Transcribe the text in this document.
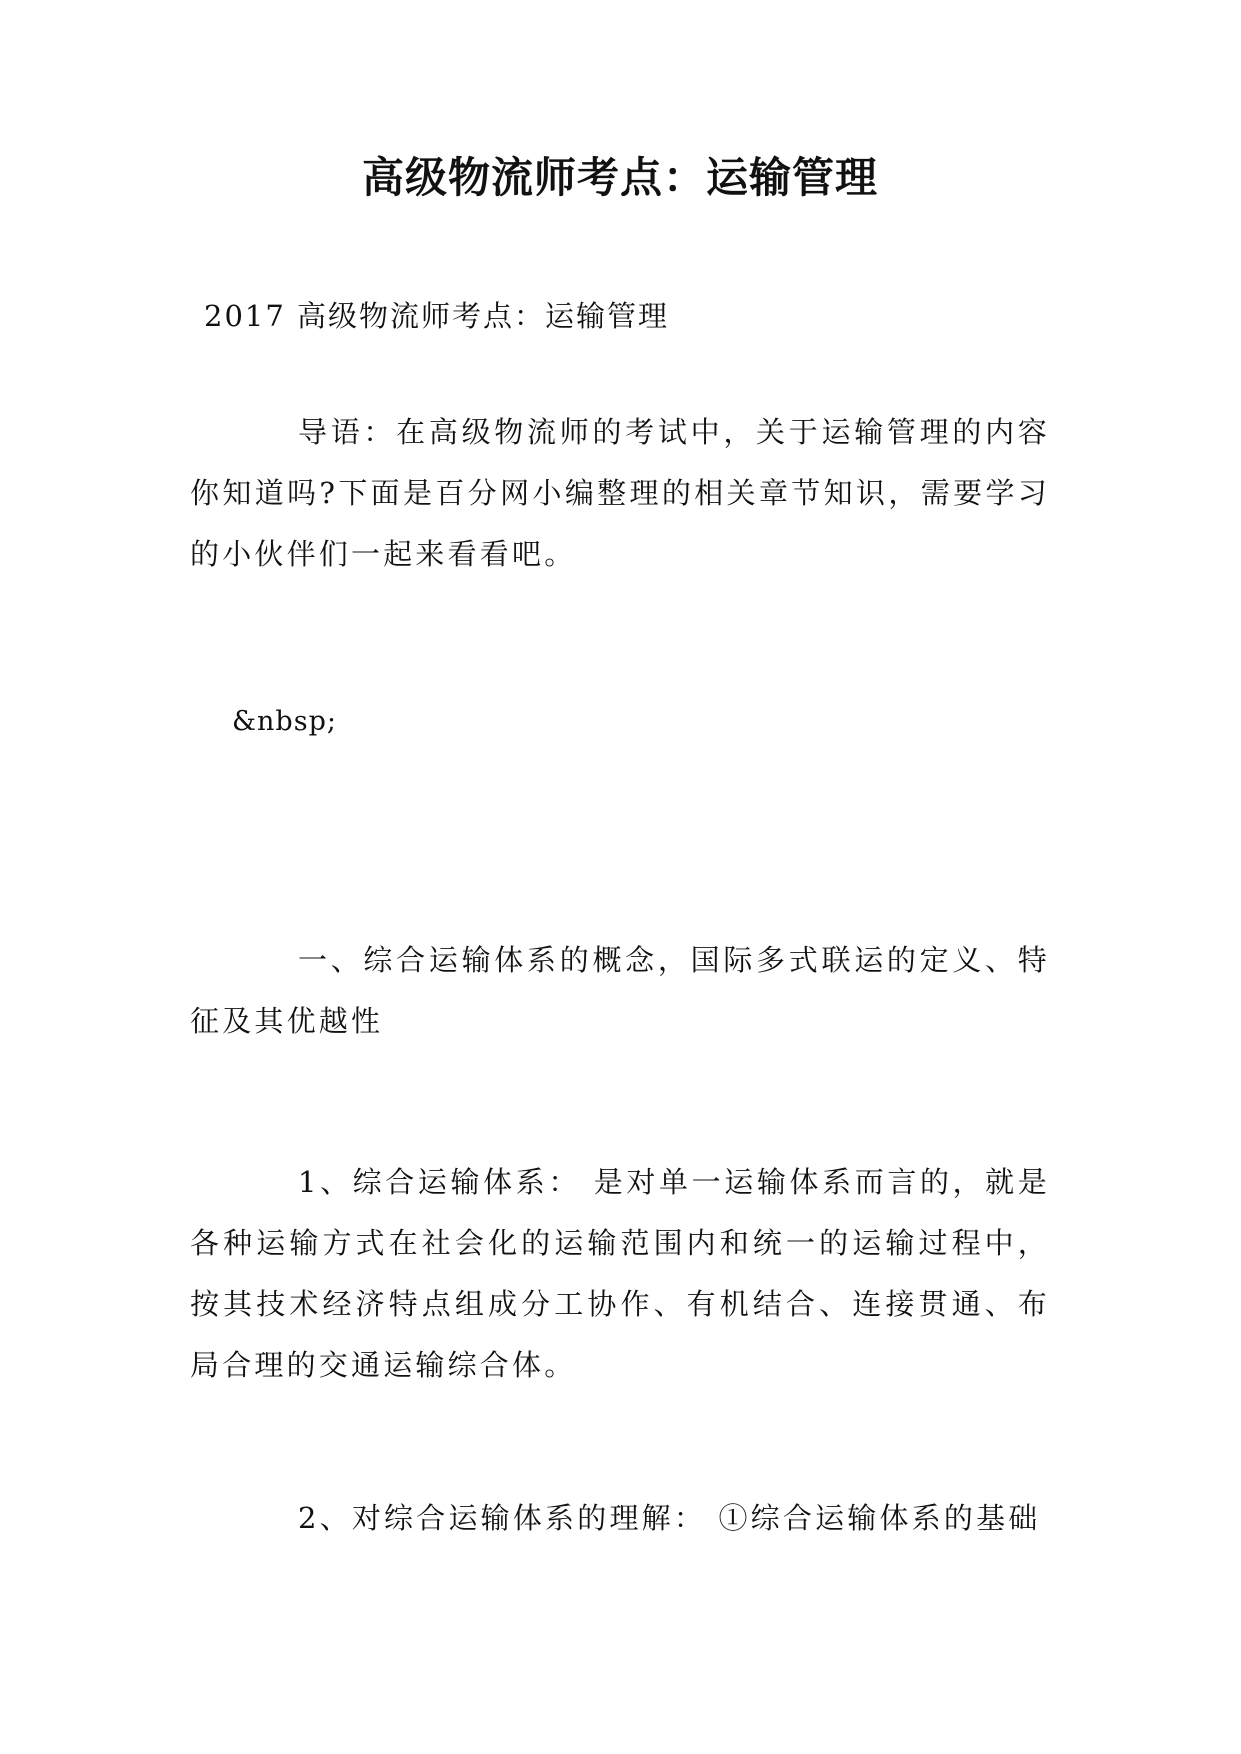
高级物流师考点：运输管理

2017 高级物流师考点：运输管理

导语：在高级物流师的考试中，关于运输管理的内容你知道吗?下面是百分网小编整理的相关章节知识，需要学习的小伙伴们一起来看看吧。

&nbsp;

一、综合运输体系的概念，国际多式联运的定义、特征及其优越性

1、综合运输体系： 是对单一运输体系而言的，就是各种运输方式在社会化的运输范围内和统一的运输过程中，按其技术经济特点组成分工协作、有机结合、连接贯通、布局合理的交通运输综合体。

2、对综合运输体系的理解： ①综合运输体系的基础
